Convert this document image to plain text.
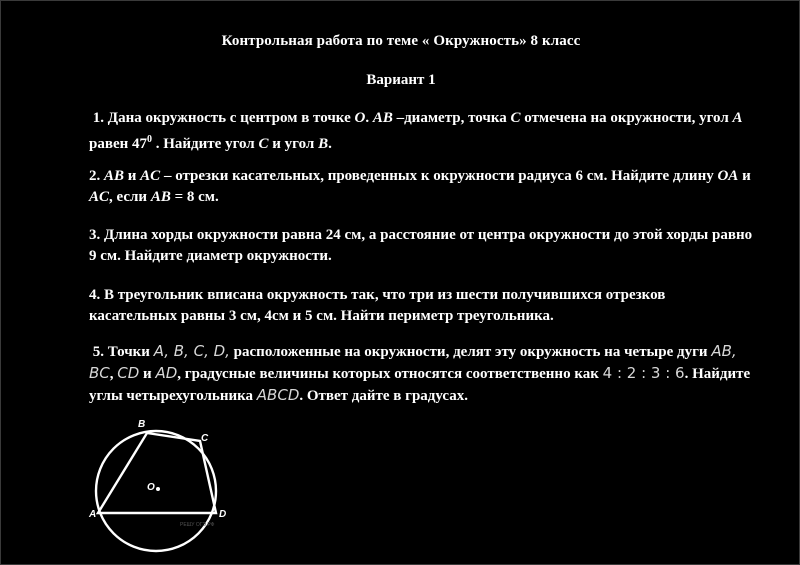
Контрольная работа по теме « Окружность» 8 класс
Вариант 1

1. Дана окружность с центром в точке O. AB –диаметр, точка C отмечена на окружности, угол A равен $47^0$ . Найдите угол C и угол B.

2. AB и AC – отрезки касательных, проведенных к окружности радиуса 6 см. Найдите длину OA и AC, если AB = 8 см.

3. Длина хорды окружности равна 24 см, а расстояние от центра окружности до этой хорды равно 9 см. Найдите диаметр окружности.

4. В треугольник вписана окружность так, что три из шести получившихся отрезков касательных равны 3 см, 4см и 5 см. Найти периметр треугольника.

5. Точки A, B, C, D, расположенные на окружности, делят эту окружность на четыре дуги AB, BC, CD и AD, градусные величины которых относятся соответственно как 4 : 2 : 3 : 6. Найдите углы четырехугольника ABCD. Ответ дайте в градусах.

A
B
C
D
O
РЕШУ ОГЭ.РФ
